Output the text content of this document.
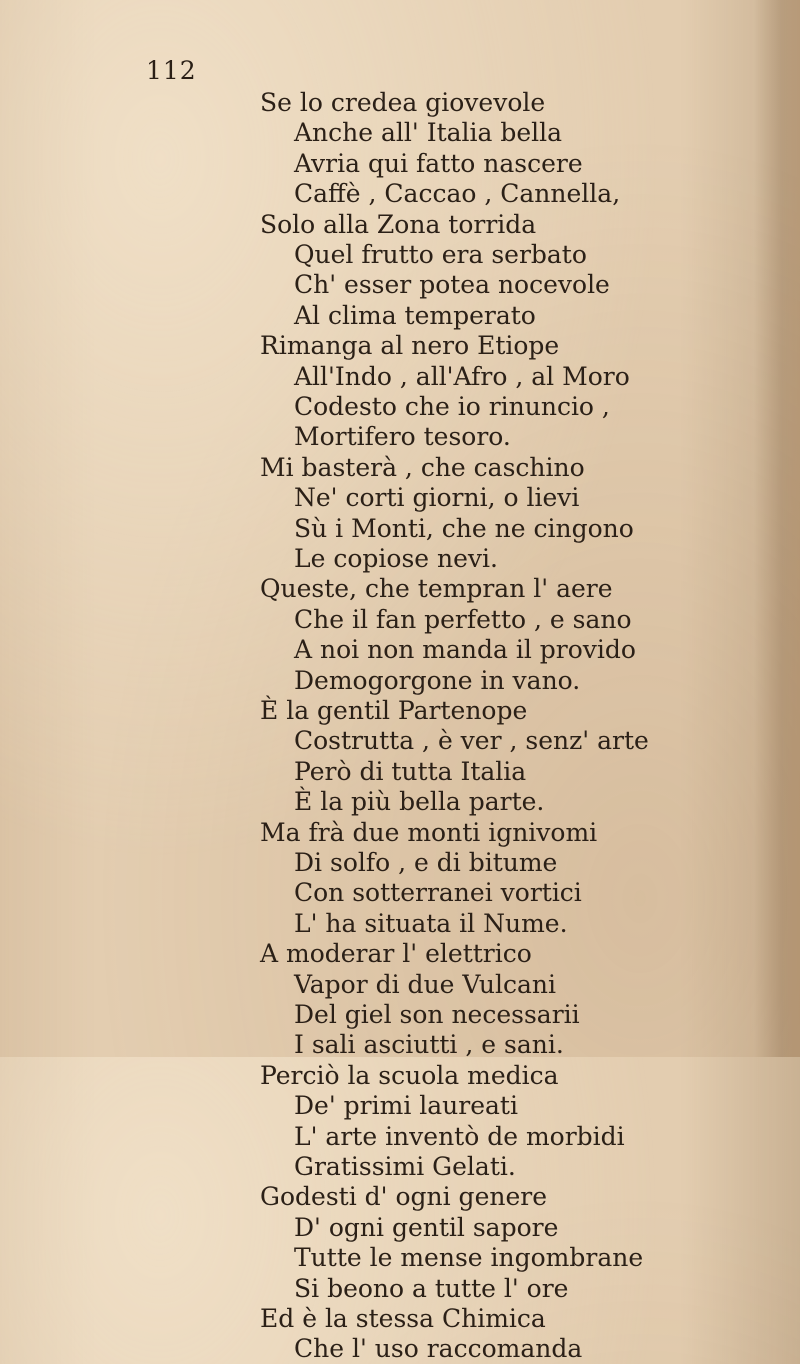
112
Se lo credea giovevole
Anche all' Italia bella
Avria qui fatto nascere
Caffè , Caccao , Cannella,
Solo alla Zona torrida
Quel frutto era serbato
Ch' esser potea nocevole
Al clima temperato
Rimanga al nero Etiope
All'Indo , all'Afro , al Moro
Codesto che io rinuncio ,
Mortifero tesoro.
Mi basterà , che caschino
Ne' corti giorni, o lievi
Sù i Monti, che ne cingono
Le copiose nevi.
Queste, che tempran l' aere
Che il fan perfetto , e sano
A noi non manda il provido
Demogorgone in vano.
È la gentil Partenope
Costrutta , è ver , senz' arte
Però di tutta Italia
È la più bella parte.
Ma frà due monti ignivomi
Di solfo , e di bitume
Con sotterranei vortici
L' ha situata il Nume.
A moderar l' elettrico
Vapor di due Vulcani
Del giel son necessarii
I sali asciutti , e sani.
Perciò la scuola medica
De' primi laureati
L' arte inventò de morbidi
Gratissimi Gelati.
Godesti d' ogni genere
D' ogni gentil sapore
Tutte le mense ingombrane
Si beono a tutte l' ore
Ed è la stessa Chimica
Che l' uso raccomanda
